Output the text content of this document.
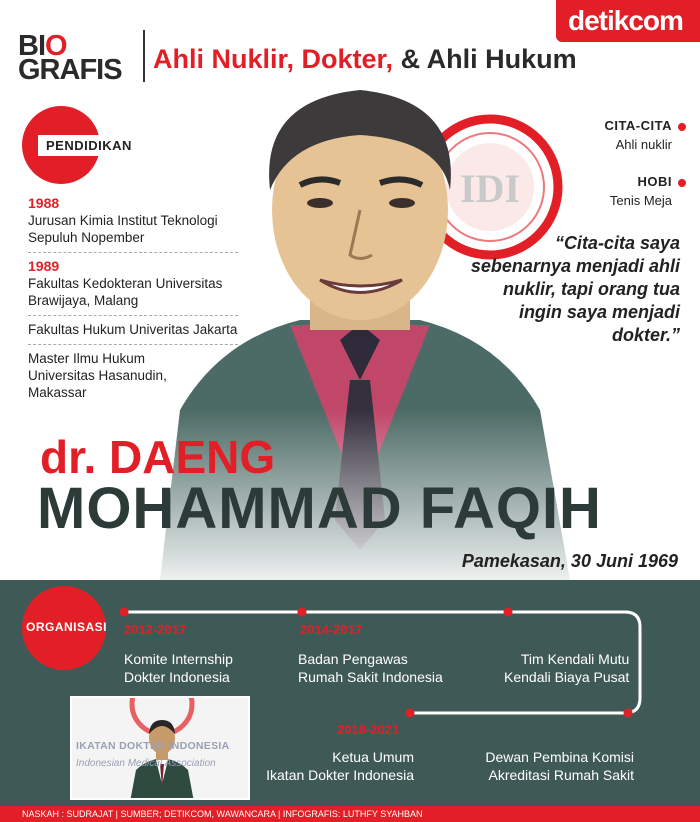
IDI
BIO
GRAFIS	Ahli Nuklir, Dokter, & Ahli Hukum
detikcom
PENDIDIKAN
1988
Jurusan Kimia Institut Teknologi Sepuluh Nopember
1989
Fakultas Kedokteran Universitas Brawijaya, Malang
Fakultas Hukum Univeritas Jakarta
Master Ilmu Hukum Universitas Hasanudin, Makassar
CITA-CITA
Ahli nuklir
HOBI
Tenis Meja
“Cita-cita saya sebenarnya menjadi ahli nuklir, tapi orang tua ingin saya menjadi dokter.”
dr. DAENG
MOHAMMAD FAQIH
Pamekasan, 30 Juni 1969
ORGANISASI 2012-2017
Komite Internship
Dokter Indonesia
2014-2017
Badan Pengawas
Rumah Sakit Indonesia
Tim Kendali Mutu
Kendali Biaya Pusat
2018-2021
Ketua Umum
Ikatan Dokter Indonesia
Dewan Pembina Komisi
Akreditasi Rumah Sakit
IKATAN DOKTER INDONESIA
Indonesian Medical Association
NASKAH : SUDRAJAT | SUMBER; DETIKCOM, WAWANCARA | INFOGRAFIS: LUTHFY SYAHBAN
